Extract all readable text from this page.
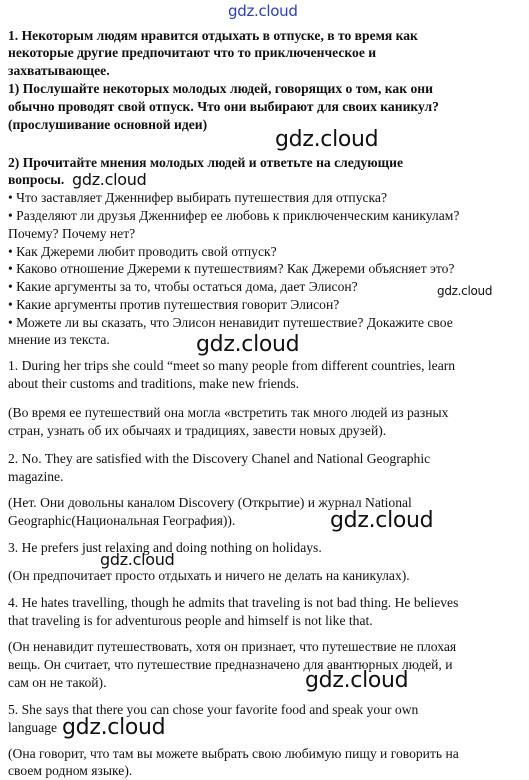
gdz.cloud
1. Некоторым людям нравится отдыхать в отпуске, в то время как
некоторые другие предпочитают что то приключенческое и
захватывающее.
1) Послушайте некоторых молодых людей, говорящих о том, как они
обычно проводят свой отпуск. Что они выбирают для своих каникул?
(прослушивание основной идеи)
gdz.cloud
2) Прочитайте мнения молодых людей и ответьте на следующие
вопросы. gdz.cloud
• Что заставляет Дженнифер выбирать путешествия для отпуска?
• Разделяют ли друзья Дженнифер ее любовь к приключенческим каникулам?
Почему? Почему нет?
• Как Джереми любит проводить свой отпуск?
• Каково отношение Джереми к путешествиям? Как Джереми объясняет это?
• Какие аргументы за то, чтобы остаться дома, дает Элисон?	gdz.cloud
• Какие аргументы против путешествия говорит Элисон?
• Можете ли вы сказать, что Элисон ненавидит путешествие? Докажите свое
мнение из текста.	gdz.cloud
1. During her trips she could “meet so many people from different countries, learn
about their customs and traditions, make new friends.
(Во время ее путешествий она могла «встретить так много людей из разных
стран, узнать об их обычаях и традициях, завести новых друзей).
2. No. They are satisfied with the Discovery Chanel and National Geographic
magazine.
(Нет. Они довольны каналом Discovery (Открытие) и журнал National
Geographic(Национальная География)).	gdz.cloud
3. He prefers just relaxing and doing nothing on holidays.
gdz.cloud
(Он предпочитает просто отдыхать и ничего не делать на каникулах).
4. He hates travelling, though he admits that traveling is not bad thing. He believes
that traveling is for adventurous people and himself is not like that.
(Он ненавидит путешествовать, хотя он признает, что путешествие не плохая
вещь. Он считает, что путешествие предназначено для авантюрных людей, и
сам он не такой).	gdz.cloud
5. She says that there you can chose your favorite food and speak your own
language gdz.cloud
(Она говорит, что там вы можете выбрать свою любимую пищу и говорить на
своем родном языке).
